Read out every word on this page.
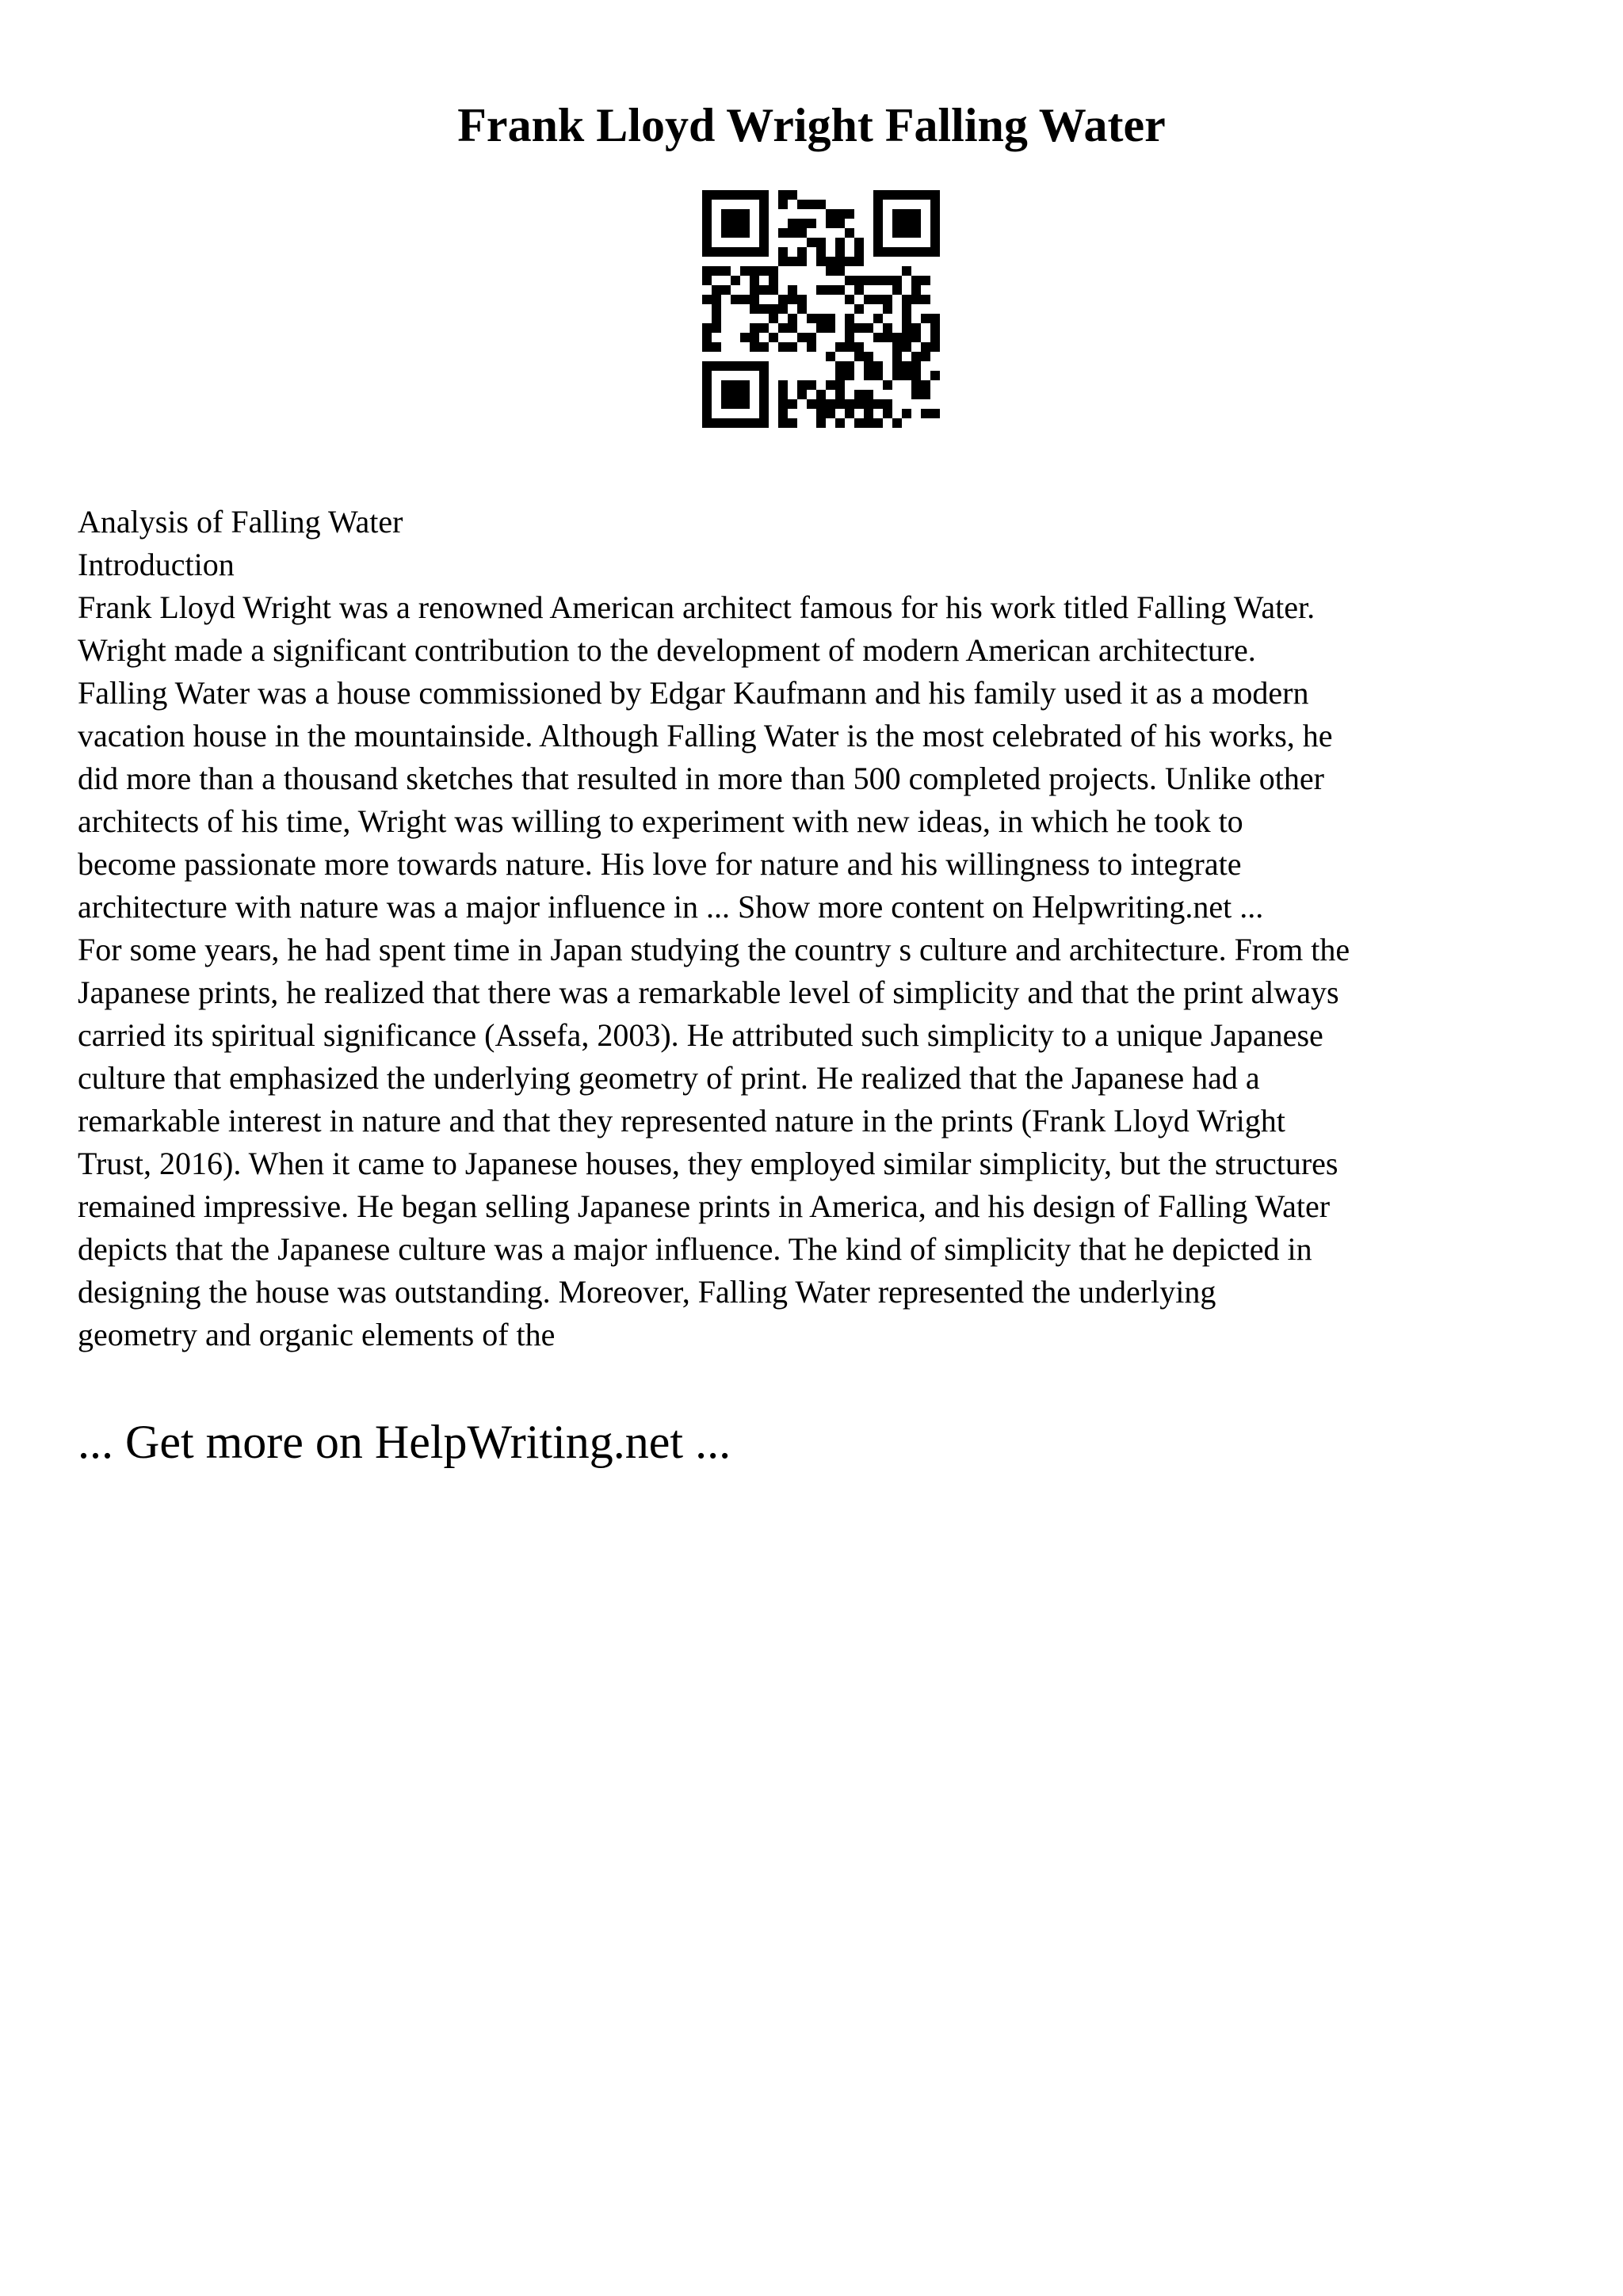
Frank Lloyd Wright Falling Water
Analysis of Falling Water
Introduction
Frank Lloyd Wright was a renowned American architect famous for his work titled Falling Water.
Wright made a significant contribution to the development of modern American architecture.
Falling Water was a house commissioned by Edgar Kaufmann and his family used it as a modern
vacation house in the mountainside. Although Falling Water is the most celebrated of his works, he
did more than a thousand sketches that resulted in more than 500 completed projects. Unlike other
architects of his time, Wright was willing to experiment with new ideas, in which he took to
become passionate more towards nature. His love for nature and his willingness to integrate
architecture with nature was a major influence in ... Show more content on Helpwriting.net ...
For some years, he had spent time in Japan studying the country s culture and architecture. From the
Japanese prints, he realized that there was a remarkable level of simplicity and that the print always
carried its spiritual significance (Assefa, 2003). He attributed such simplicity to a unique Japanese
culture that emphasized the underlying geometry of print. He realized that the Japanese had a
remarkable interest in nature and that they represented nature in the prints (Frank Lloyd Wright
Trust, 2016). When it came to Japanese houses, they employed similar simplicity, but the structures
remained impressive. He began selling Japanese prints in America, and his design of Falling Water
depicts that the Japanese culture was a major influence. The kind of simplicity that he depicted in
designing the house was outstanding. Moreover, Falling Water represented the underlying
geometry and organic elements of the
... Get more on HelpWriting.net ...
